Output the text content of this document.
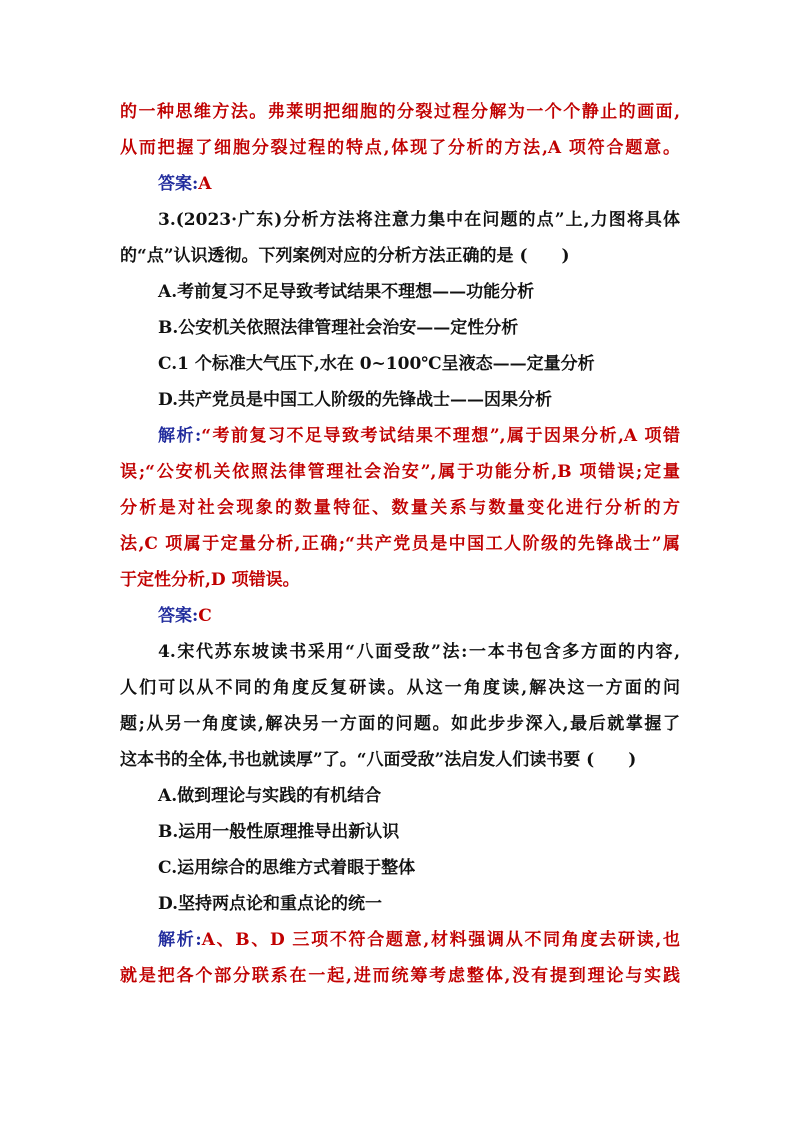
的一种思维方法。弗莱明把细胞的分裂过程分解为一个个静止的画面,
从而把握了细胞分裂过程的特点,体现了分析的方法,A 项符合题意。
答案:A
3.(2023·广东)分析方法将注意力集中在问题的点”上,力图将具体
的“点”认识透彻。下列案例对应的分析方法正确的是 (　　)
A.考前复习不足导致考试结果不理想——功能分析
B.公安机关依照法律管理社会治安——定性分析
C.1 个标准大气压下,水在 0~100℃呈液态——定量分析
D.共产党员是中国工人阶级的先锋战士——因果分析
解析:“考前复习不足导致考试结果不理想”,属于因果分析,A 项错
误;“公安机关依照法律管理社会治安”,属于功能分析,B 项错误;定量
分析是对社会现象的数量特征、数量关系与数量变化进行分析的方
法,C 项属于定量分析,正确;“共产党员是中国工人阶级的先锋战士”属
于定性分析,D 项错误。
答案:C
4.宋代苏东坡读书采用“八面受敌”法:一本书包含多方面的内容,
人们可以从不同的角度反复研读。从这一角度读,解决这一方面的问
题;从另一角度读,解决另一方面的问题。如此步步深入,最后就掌握了
这本书的全体,书也就读厚”了。“八面受敌”法启发人们读书要 (　　)
A.做到理论与实践的有机结合
B.运用一般性原理推导出新认识
C.运用综合的思维方式着眼于整体
D.坚持两点论和重点论的统一
解析:A、B、D 三项不符合题意,材料强调从不同角度去研读,也
就是把各个部分联系在一起,进而统筹考虑整体,没有提到理论与实践
